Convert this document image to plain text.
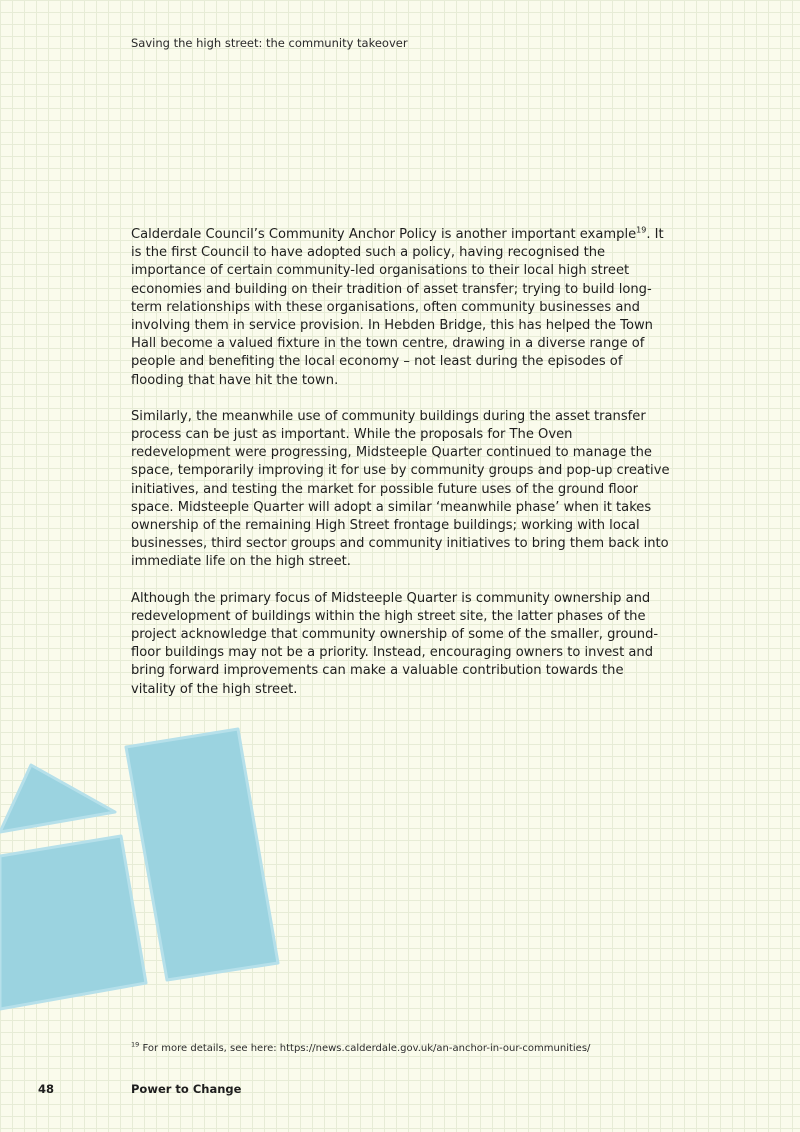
Saving the high street: the community takeover

Calderdale Council’s Community Anchor Policy is another important example$^{19}$. It is the first Council to have adopted such a policy, having recognised the importance of certain community-led organisations to their local high street economies and building on their tradition of asset transfer; trying to build long-term relationships with these organisations, often community businesses and involving them in service provision. In Hebden Bridge, this has helped the Town Hall become a valued fixture in the town centre, drawing in a diverse range of people and benefiting the local economy – not least during the episodes of flooding that have hit the town.

Similarly, the meanwhile use of community buildings during the asset transfer process can be just as important. While the proposals for The Oven redevelopment were progressing, Midsteeple Quarter continued to manage the space, temporarily improving it for use by community groups and pop-up creative initiatives, and testing the market for possible future uses of the ground floor space. Midsteeple Quarter will adopt a similar ‘meanwhile phase’ when it takes ownership of the remaining High Street frontage buildings; working with local businesses, third sector groups and community initiatives to bring them back into immediate life on the high street.

Although the primary focus of Midsteeple Quarter is community ownership and redevelopment of buildings within the high street site, the latter phases of the project acknowledge that community ownership of some of the smaller, ground-floor buildings may not be a priority. Instead, encouraging owners to invest and bring forward improvements can make a valuable contribution towards the vitality of the high street.

$^{19}$ For more details, see here: https://news.calderdale.gov.uk/an-anchor-in-our-communities/
48	Power to Change
